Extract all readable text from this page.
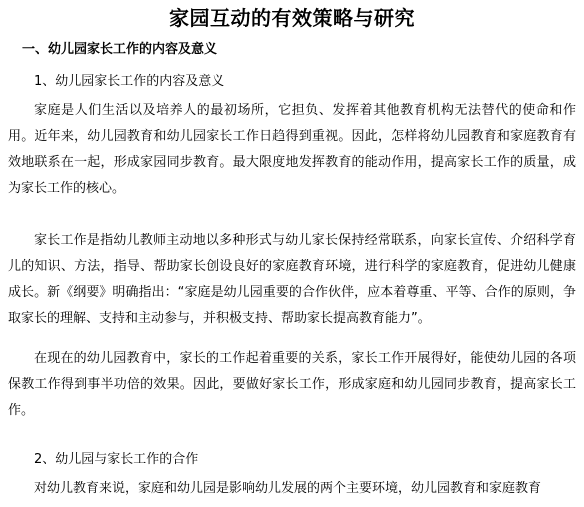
家园互动的有效策略与研究
一、幼儿园家长工作的内容及意义
1、幼儿园家长工作的内容及意义

家庭是人们生活以及培养人的最初场所，它担负、发挥着其他教育机构无法替代的使命和作用。近年来，幼儿园教育和幼儿园家长工作日趋得到重视。因此，怎样将幼儿园教育和家庭教育有效地联系在一起，形成家园同步教育。最大限度地发挥教育的能动作用，提高家长工作的质量，成为家长工作的核心。

家长工作是指幼儿教师主动地以多种形式与幼儿家长保持经常联系，向家长宣传、介绍科学育儿的知识、方法，指导、帮助家长创设良好的家庭教育环境，进行科学的家庭教育，促进幼儿健康成长。新《纲要》明确指出：“家庭是幼儿园重要的合作伙伴，应本着尊重、平等、合作的原则，争取家长的理解、支持和主动参与，并积极支持、帮助家长提高教育能力”。

在现在的幼儿园教育中，家长的工作起着重要的关系，家长工作开展得好，能使幼儿园的各项保教工作得到事半功倍的效果。因此，要做好家长工作，形成家庭和幼儿园同步教育，提高家长工作。

2、幼儿园与家长工作的合作

对幼儿教育来说，家庭和幼儿园是影响幼儿发展的两个主要环境，幼儿园教育和家庭教育
